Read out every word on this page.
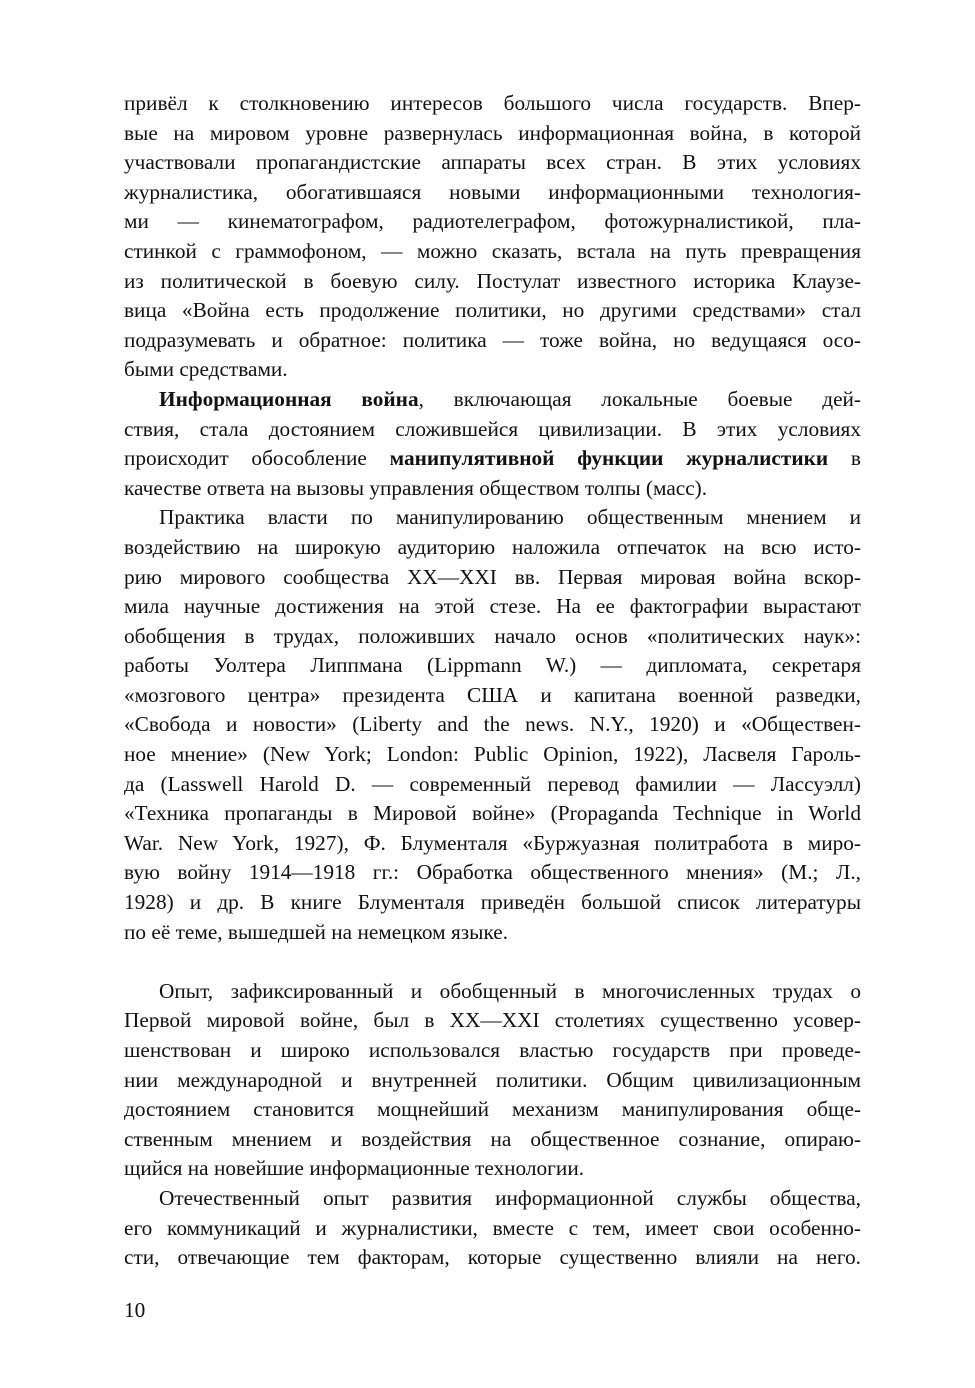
привёл к столкновению интересов большого числа государств. Впер-
вые на мировом уровне развернулась информационная война, в которой
участвовали пропагандистские аппараты всех стран. В этих условиях
журналистика, обогатившаяся новыми информационными технология-
ми — кинематографом, радиотелеграфом, фотожурналистикой, пла-
стинкой с граммофоном, — можно сказать, встала на путь превращения
из политической в боевую силу. Постулат известного историка Клаузе-
вица «Война есть продолжение политики, но другими средствами» стал
подразумевать и обратное: политика — тоже война, но ведущаяся осо-
быми средствами.
Информационная война, включающая локальные боевые дей-
ствия, стала достоянием сложившейся цивилизации. В этих условиях
происходит обособление манипулятивной функции журналистики в
качестве ответа на вызовы управления обществом толпы (масс).
Практика власти по манипулированию общественным мнением и
воздействию на широкую аудиторию наложила отпечаток на всю исто-
рию мирового сообщества XX—XXI вв. Первая мировая война вскор-
мила научные достижения на этой стезе. На ее фактографии вырастают
обобщения в трудах, положивших начало основ «политических наук»:
работы Уолтера Липпмана (Lippmann W.) — дипломата, секретаря
«мозгового центра» президента США и капитана военной разведки,
«Свобода и новости» (Liberty and the news. N.Y., 1920) и «Обществен-
ное мнение» (New York; London: Public Opinion, 1922), Ласвеля Гароль-
да (Lasswell Harold D. — современный перевод фамилии — Лассуэлл)
«Техника пропаганды в Мировой войне» (Propaganda Technique in World
War. New York, 1927), Ф. Блументаля «Буржуазная политработа в миро-
вую войну 1914—1918 гг.: Обработка общественного мнения» (М.; Л.,
1928) и др. В книге Блументаля приведён большой список литературы
по её теме, вышедшей на немецком языке.
Опыт, зафиксированный и обобщенный в многочисленных трудах о
Первой мировой войне, был в XX—XXI столетиях существенно усовер-
шенствован и широко использовался властью государств при проведе-
нии международной и внутренней политики. Общим цивилизационным
достоянием становится мощнейший механизм манипулирования обще-
ственным мнением и воздействия на общественное сознание, опираю-
щийся на новейшие информационные технологии.
Отечественный опыт развития информационной службы общества,
его коммуникаций и журналистики, вместе с тем, имеет свои особенно-
сти, отвечающие тем факторам, которые существенно влияли на него.
10
